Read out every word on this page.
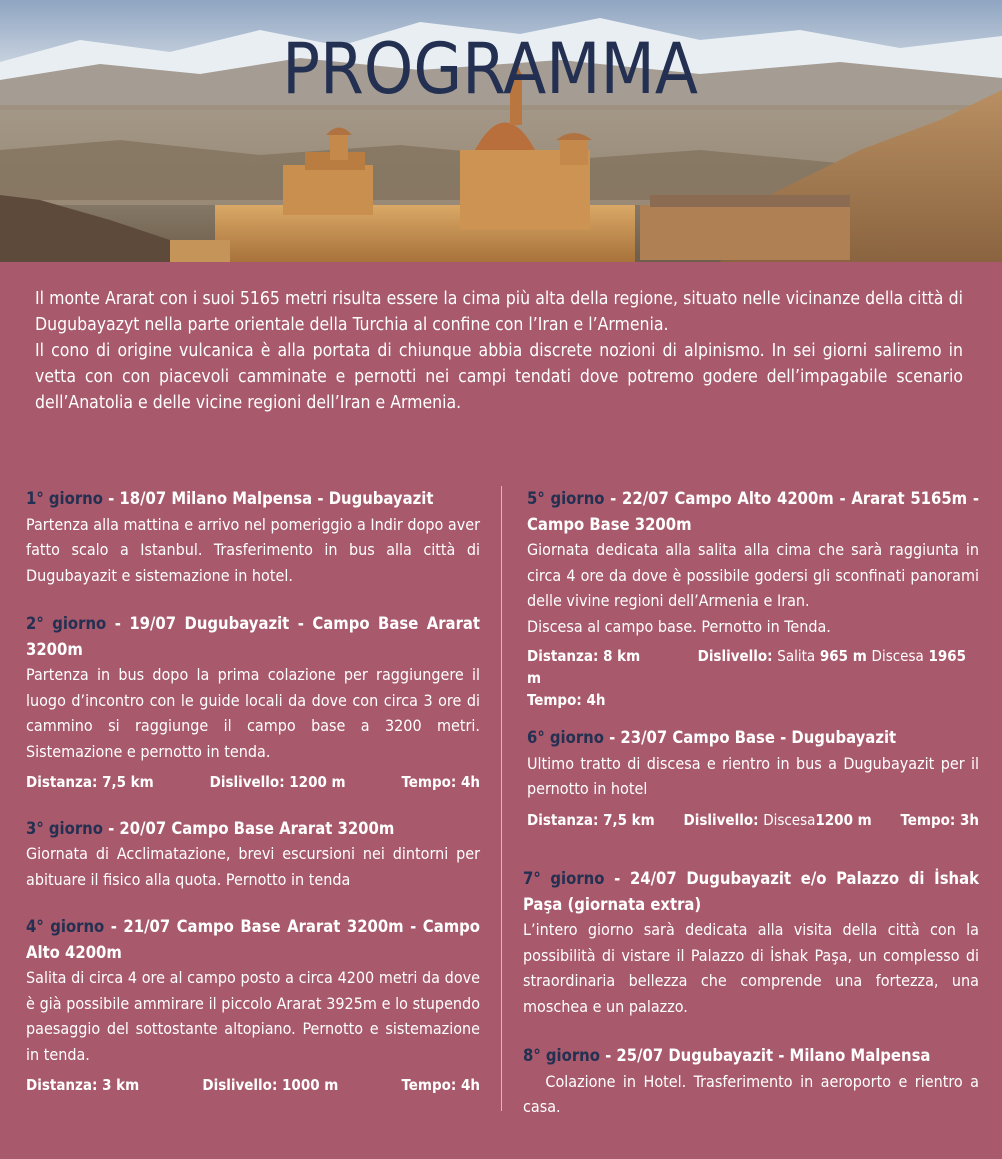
PROGRAMMA

Il monte Ararat con i suoi 5165 metri risulta essere la cima più alta della regione, situato nelle vicinanze della città di Dugubayazyt nella parte orientale della Turchia al confine con l’Iran e l’Armenia.

Il cono di origine vulcanica è alla portata di chiunque abbia discrete nozioni di alpinismo. In sei giorni saliremo in vetta con con piacevoli camminate e pernotti nei campi tendati dove potremo godere dell’impagabile scenario dell’Anatolia e delle vicine regioni dell’Iran e Armenia.

1° giorno - 18/07 Milano Malpensa - Dugubayazit
Partenza alla mattina e arrivo nel pomeriggio a Indir dopo aver fatto scalo a Istanbul. Trasferimento in bus alla città di Dugubayazit e sistemazione in hotel.
2° giorno - 19/07 Dugubayazit - Campo Base Ararat 3200m
Partenza in bus dopo la prima colazione per raggiungere il luogo d’incontro con le guide locali da dove con circa 3 ore di cammino si raggiunge il campo base a 3200 metri. Sistemazione e pernotto in tenda.
Distanza: 7,5 km	Dislivello: 1200 m	Tempo: 4h
3° giorno - 20/07 Campo Base Ararat 3200m
Giornata di Acclimatazione, brevi escursioni nei dintorni per abituare il fisico alla quota. Pernotto in tenda
4° giorno - 21/07 Campo Base Ararat 3200m - Campo Alto 4200m
Salita di circa 4 ore al campo posto a circa 4200 metri da dove è già possibile ammirare il piccolo Ararat 3925m e lo stupendo paesaggio del sottostante altopiano. Pernotto e sistemazione in tenda.
Distanza: 3 km	Dislivello: 1000 m	Tempo: 4h
5° giorno - 22/07 Campo Alto 4200m - Ararat 5165m - Campo Base 3200m
Giornata dedicata alla salita alla cima che sarà raggiunta in circa 4 ore da dove è possibile godersi gli sconfinati panorami delle vivine regioni dell’Armenia e Iran.
Discesa al campo base. Pernotto in Tenda.
Distanza: 8 km	Dislivello: Salita 965 m Discesa 1965 m
Tempo: 4h
6° giorno - 23/07 Campo Base - Dugubayazit
Ultimo tratto di discesa e rientro in bus a Dugubayazit per il pernotto in hotel
Distanza: 7,5 km Dislivello: Discesa1200 m Tempo: 3h
7° giorno - 24/07 Dugubayazit e/o Palazzo di İshak Paşa (giornata extra)
L’intero giorno sarà dedicata alla visita della città con la possibilità di vistare il Palazzo di İshak Paşa, un complesso di straordinaria bellezza che comprende una fortezza, una moschea e un palazzo.
8° giorno - 25/07 Dugubayazit - Milano Malpensa
Colazione in Hotel. Trasferimento in aeroporto e rientro a casa.
